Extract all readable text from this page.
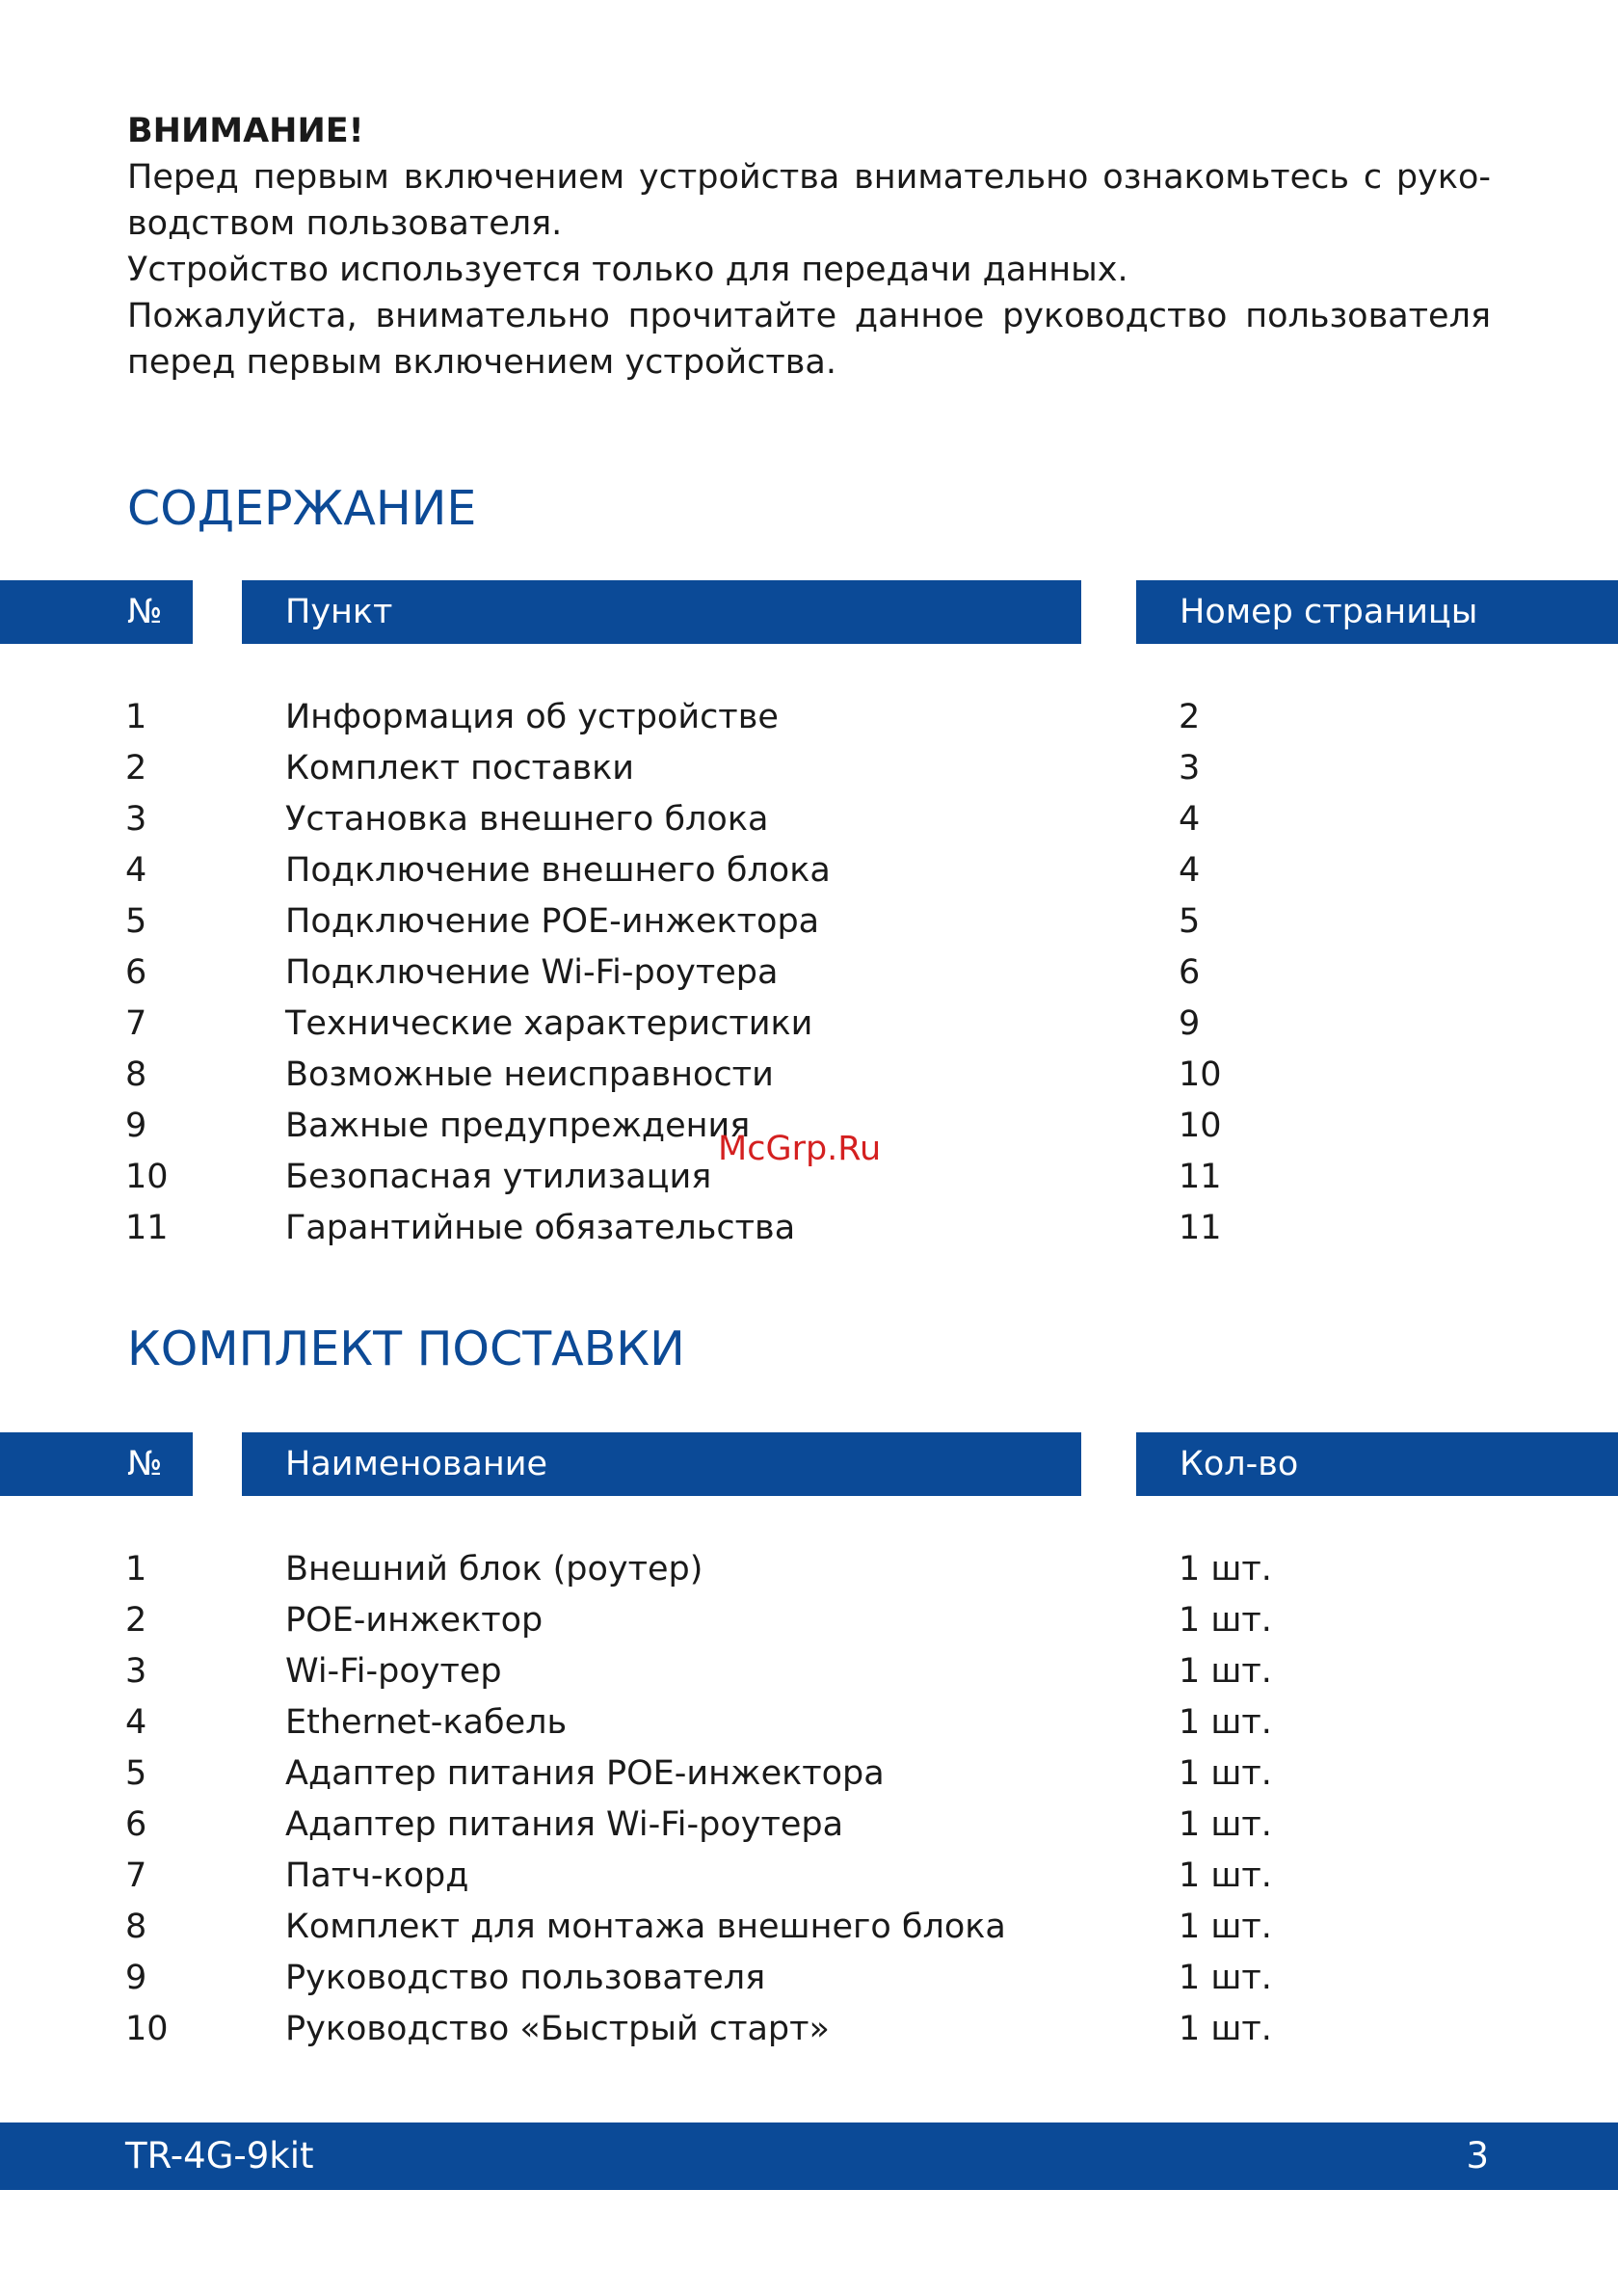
ВНИМАНИЕ!
Перед первым включением устройства внимательно ознакомьтесь с руко-
водством пользователя.
Устройство используется только для передачи данных.
Пожалуйста, внимательно прочитайте данное руководство пользователя
перед первым включением устройства.
СОДЕРЖАНИЕ
№	Пункт	Номер страницы
1	Информация об устройстве	2
2	Комплект поставки	3
3	Установка внешнего блока	4
4	Подключение внешнего блока	4
5	Подключение POE-инжектора	5
6	Подключение Wi-Fi-роутера	6
7	Технические характеристики	9
8	Возможные неисправности	10
9	Важные предупреждения	10
10	Безопасная утилизация	11
11	Гарантийные обязательства	11
McGrp.Ru
КОМПЛЕКТ ПОСТАВКИ
№	Наименование	Кол-во
1	Внешний блок (роутер)	1 шт.
2	POE-инжектор	1 шт.
3	Wi-Fi-роутер	1 шт.
4	Ethernet-кабель	1 шт.
5	Адаптер питания POE-инжектора	1 шт.
6	Адаптер питания Wi-Fi-роутера	1 шт.
7	Патч-корд	1 шт.
8	Комплект для монтажа внешнего блока	1 шт.
9	Руководство пользователя	1 шт.
10	Руководство «Быстрый старт»	1 шт.
TR-4G-9kit	3
